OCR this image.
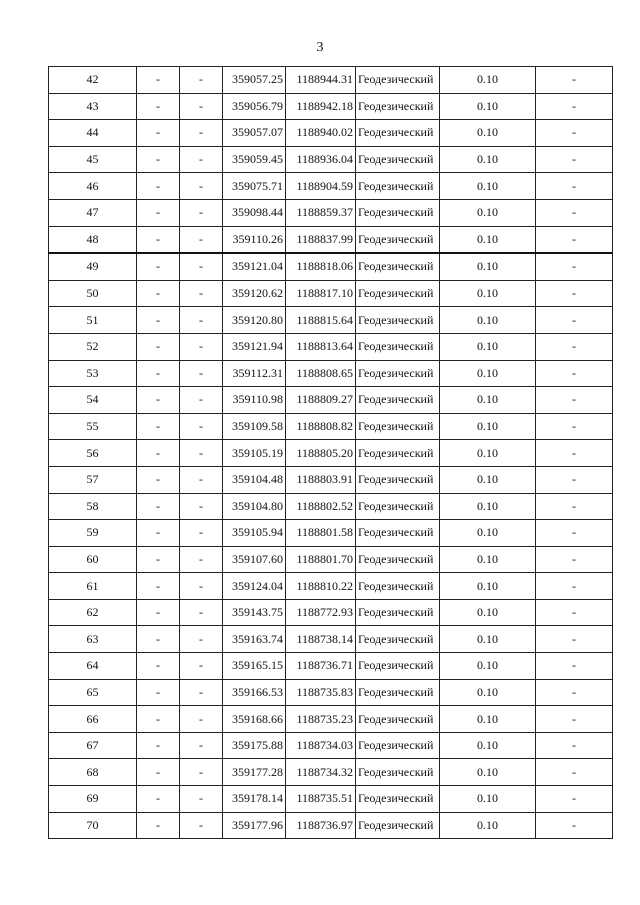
3
42	-	-	359057.25	1188944.31	Геодезический	0.10	-
43	-	-	359056.79	1188942.18	Геодезический	0.10	-
44	-	-	359057.07	1188940.02	Геодезический	0.10	-
45	-	-	359059.45	1188936.04	Геодезический	0.10	-
46	-	-	359075.71	1188904.59	Геодезический	0.10	-
47	-	-	359098.44	1188859.37	Геодезический	0.10	-
48	-	-	359110.26	1188837.99	Геодезический	0.10	-
49	-	-	359121.04	1188818.06	Геодезический	0.10	-
50	-	-	359120.62	1188817.10	Геодезический	0.10	-
51	-	-	359120.80	1188815.64	Геодезический	0.10	-
52	-	-	359121.94	1188813.64	Геодезический	0.10	-
53	-	-	359112.31	1188808.65	Геодезический	0.10	-
54	-	-	359110.98	1188809.27	Геодезический	0.10	-
55	-	-	359109.58	1188808.82	Геодезический	0.10	-
56	-	-	359105.19	1188805.20	Геодезический	0.10	-
57	-	-	359104.48	1188803.91	Геодезический	0.10	-
58	-	-	359104.80	1188802.52	Геодезический	0.10	-
59	-	-	359105.94	1188801.58	Геодезический	0.10	-
60	-	-	359107.60	1188801.70	Геодезический	0.10	-
61	-	-	359124.04	1188810.22	Геодезический	0.10	-
62	-	-	359143.75	1188772.93	Геодезический	0.10	-
63	-	-	359163.74	1188738.14	Геодезический	0.10	-
64	-	-	359165.15	1188736.71	Геодезический	0.10	-
65	-	-	359166.53	1188735.83	Геодезический	0.10	-
66	-	-	359168.66	1188735.23	Геодезический	0.10	-
67	-	-	359175.88	1188734.03	Геодезический	0.10	-
68	-	-	359177.28	1188734.32	Геодезический	0.10	-
69	-	-	359178.14	1188735.51	Геодезический	0.10	-
70	-	-	359177.96	1188736.97	Геодезический	0.10	-
